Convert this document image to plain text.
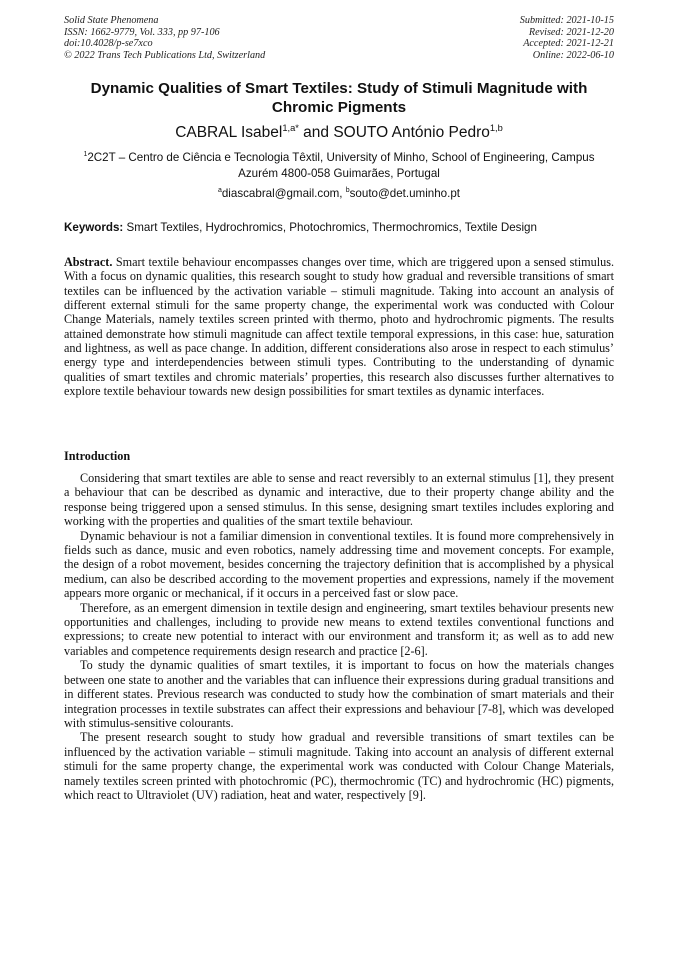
Solid State Phenomena
ISSN: 1662-9779, Vol. 333, pp 97-106
doi:10.4028/p-se7xco
© 2022 Trans Tech Publications Ltd, Switzerland
Submitted: 2021-10-15
Revised: 2021-12-20
Accepted: 2021-12-21
Online: 2022-06-10
Dynamic Qualities of Smart Textiles: Study of Stimuli Magnitude with Chromic Pigments
CABRAL Isabel$^{1,a*}$ and SOUTO António Pedro$^{1,b}$
$^1$2C2T – Centro de Ciência e Tecnologia Têxtil, University of Minho, School of Engineering, Campus Azurém 4800-058 Guimarães, Portugal
$^a$diascabral@gmail.com, $^b$souto@det.uminho.pt
Keywords: Smart Textiles, Hydrochromics, Photochromics, Thermochromics, Textile Design
Abstract. Smart textile behaviour encompasses changes over time, which are triggered upon a sensed stimulus. With a focus on dynamic qualities, this research sought to study how gradual and reversible transitions of smart textiles can be influenced by the activation variable – stimuli magnitude. Taking into account an analysis of different external stimuli for the same property change, the experimental work was conducted with Colour Change Materials, namely textiles screen printed with thermo, photo and hydrochromic pigments. The results attained demonstrate how stimuli magnitude can affect textile temporal expressions, in this case: hue, saturation and lightness, as well as pace change. In addition, different considerations also arose in respect to each stimulus’ energy type and interdependencies between stimuli types. Contributing to the understanding of dynamic qualities of smart textiles and chromic materials’ properties, this research also discusses further alternatives to explore textile behaviour towards new design possibilities for smart textiles as dynamic interfaces.
Introduction

Considering that smart textiles are able to sense and react reversibly to an external stimulus [1], they present a behaviour that can be described as dynamic and interactive, due to their property change ability and the response being triggered upon a sensed stimulus. In this sense, designing smart textiles includes exploring and working with the properties and qualities of the smart textile behaviour.

Dynamic behaviour is not a familiar dimension in conventional textiles. It is found more comprehensively in fields such as dance, music and even robotics, namely addressing time and movement concepts. For example, the design of a robot movement, besides concerning the trajectory definition that is accomplished by a physical medium, can also be described according to the movement properties and expressions, namely if the movement appears more organic or mechanical, if it occurs in a perceived fast or slow pace.

Therefore, as an emergent dimension in textile design and engineering, smart textiles behaviour presents new opportunities and challenges, including to provide new means to extend textiles conventional functions and expressions; to create new potential to interact with our environment and transform it; as well as to add new variables and competence requirements design research and practice [2-6].

To study the dynamic qualities of smart textiles, it is important to focus on how the materials changes between one state to another and the variables that can influence their expressions during gradual transitions and in different states. Previous research was conducted to study how the combination of smart materials and their integration processes in textile substrates can affect their expressions and behaviour [7-8], which was developed with stimulus-sensitive colourants.

The present research sought to study how gradual and reversible transitions of smart textiles can be influenced by the activation variable – stimuli magnitude. Taking into account an analysis of different external stimuli for the same property change, the experimental work was conducted with Colour Change Materials, namely textiles screen printed with photochromic (PC), thermochromic (TC) and hydrochromic (HC) pigments, which react to Ultraviolet (UV) radiation, heat and water, respectively [9].
